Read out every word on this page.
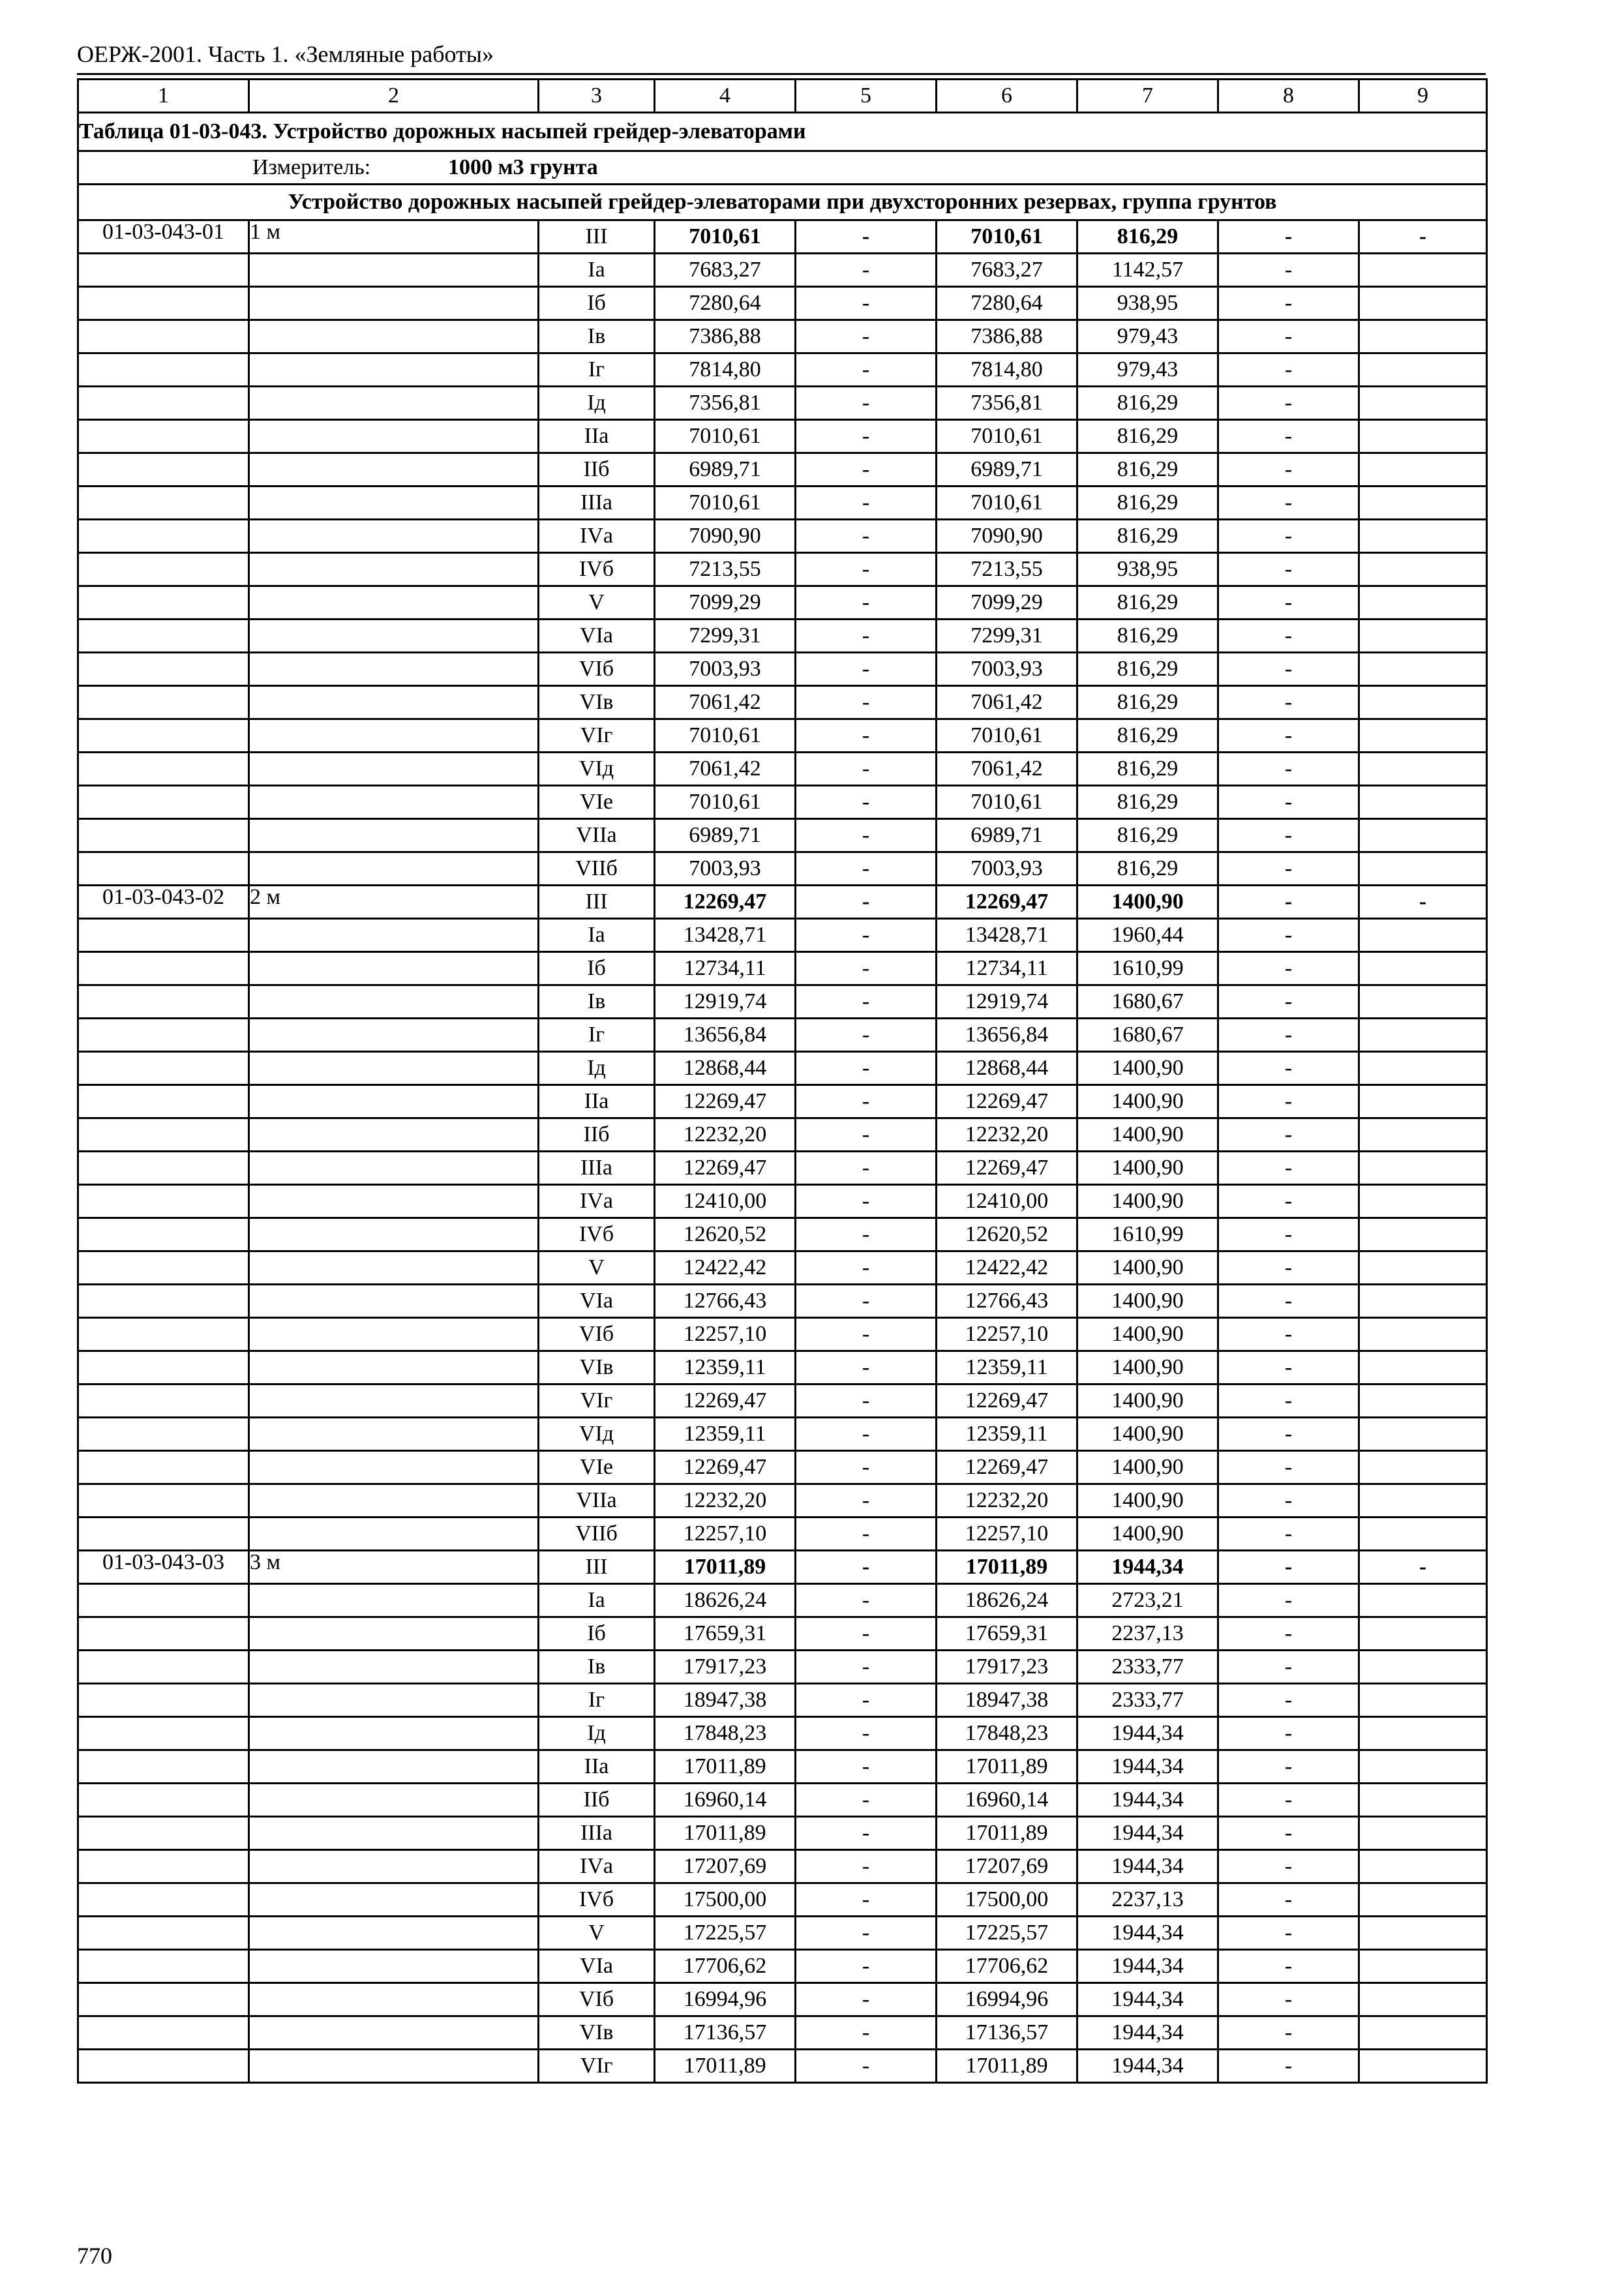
ОЕРЖ-2001. Часть 1. «Земляные работы»
1	2	3	4	5	6	7	8	9
Таблица 01-03-043. Устройство дорожных насыпей грейдер-элеваторами								
Измеритель: 1000 м3 грунта								
Устройство дорожных насыпей грейдер-элеваторами при двухсторонних резервах, группа грунтов								
01-03-043-01	1 м	III	7010,61	-	7010,61	816,29	-	-
		Iа	7683,27	-	7683,27	1142,57	-	
		Iб	7280,64	-	7280,64	938,95	-	
		Iв	7386,88	-	7386,88	979,43	-	
		Iг	7814,80	-	7814,80	979,43	-	
		Iд	7356,81	-	7356,81	816,29	-	
		IIа	7010,61	-	7010,61	816,29	-	
		IIб	6989,71	-	6989,71	816,29	-	
		IIIа	7010,61	-	7010,61	816,29	-	
		IVа	7090,90	-	7090,90	816,29	-	
		IVб	7213,55	-	7213,55	938,95	-	
		V	7099,29	-	7099,29	816,29	-	
		VIа	7299,31	-	7299,31	816,29	-	
		VIб	7003,93	-	7003,93	816,29	-	
		VIв	7061,42	-	7061,42	816,29	-	
		VIг	7010,61	-	7010,61	816,29	-	
		VIд	7061,42	-	7061,42	816,29	-	
		VIе	7010,61	-	7010,61	816,29	-	
		VIIа	6989,71	-	6989,71	816,29	-	
		VIIб	7003,93	-	7003,93	816,29	-	
01-03-043-02	2 м	III	12269,47	-	12269,47	1400,90	-	-
		Iа	13428,71	-	13428,71	1960,44	-	
		Iб	12734,11	-	12734,11	1610,99	-	
		Iв	12919,74	-	12919,74	1680,67	-	
		Iг	13656,84	-	13656,84	1680,67	-	
		Iд	12868,44	-	12868,44	1400,90	-	
		IIа	12269,47	-	12269,47	1400,90	-	
		IIб	12232,20	-	12232,20	1400,90	-	
		IIIа	12269,47	-	12269,47	1400,90	-	
		IVа	12410,00	-	12410,00	1400,90	-	
		IVб	12620,52	-	12620,52	1610,99	-	
		V	12422,42	-	12422,42	1400,90	-	
		VIа	12766,43	-	12766,43	1400,90	-	
		VIб	12257,10	-	12257,10	1400,90	-	
		VIв	12359,11	-	12359,11	1400,90	-	
		VIг	12269,47	-	12269,47	1400,90	-	
		VIд	12359,11	-	12359,11	1400,90	-	
		VIе	12269,47	-	12269,47	1400,90	-	
		VIIа	12232,20	-	12232,20	1400,90	-	
		VIIб	12257,10	-	12257,10	1400,90	-	
01-03-043-03	3 м	III	17011,89	-	17011,89	1944,34	-	-
		Iа	18626,24	-	18626,24	2723,21	-	
		Iб	17659,31	-	17659,31	2237,13	-	
		Iв	17917,23	-	17917,23	2333,77	-	
		Iг	18947,38	-	18947,38	2333,77	-	
		Iд	17848,23	-	17848,23	1944,34	-	
		IIа	17011,89	-	17011,89	1944,34	-	
		IIб	16960,14	-	16960,14	1944,34	-	
		IIIа	17011,89	-	17011,89	1944,34	-	
		IVа	17207,69	-	17207,69	1944,34	-	
		IVб	17500,00	-	17500,00	2237,13	-	
		V	17225,57	-	17225,57	1944,34	-	
		VIа	17706,62	-	17706,62	1944,34	-	
		VIб	16994,96	-	16994,96	1944,34	-	
		VIв	17136,57	-	17136,57	1944,34	-	
		VIг	17011,89	-	17011,89	1944,34	-	
770
